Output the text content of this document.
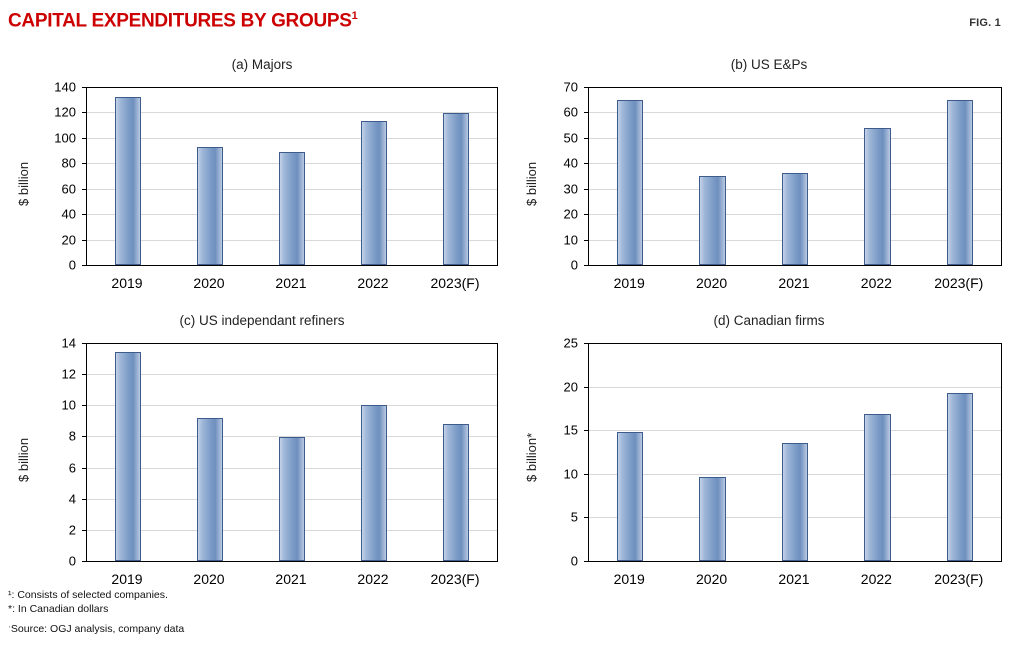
CAPITAL EXPENDITURES BY GROUPS$^1$
FIG. 1
(a) Majors
$ billion
0
20
40
60
80
100
120
140
2019	2020	2021	2022	2023(F)
(b) US E&Ps
$ billion
0
10
20
30
40
50
60
70
2019	2020	2021	2022	2023(F)
(c) US independant refiners
$ billion
0
2
4
6
8
10
12
14
2019	2020	2021	2022	2023(F)
(d) Canadian firms
$ billion*
0
5
10
15
20
25
2019	2020	2021	2022	2023(F)
¹: Consists of selected companies.
*: In Canadian dollars
ˑSource: OGJ analysis, company data
